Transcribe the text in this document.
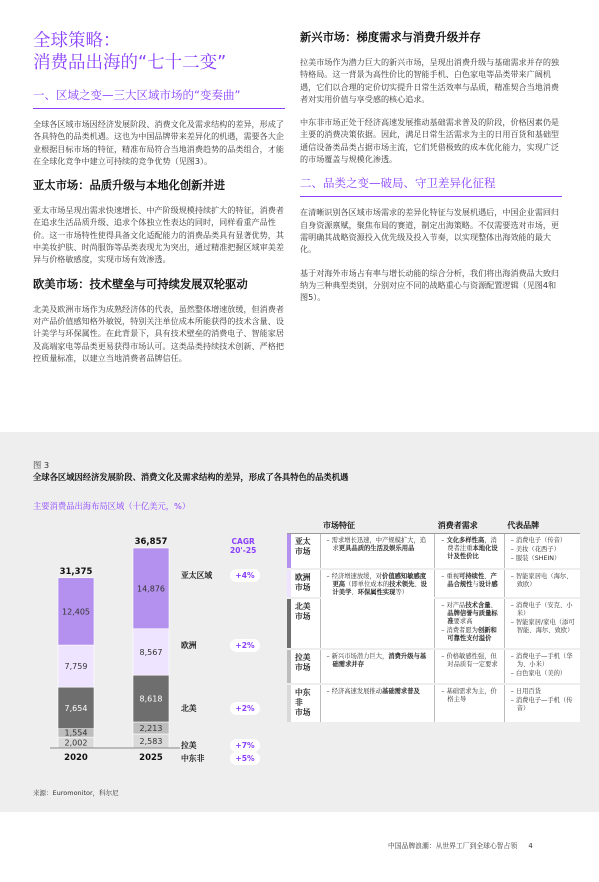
全球策略：
消费品出海的“七十二变”
一、区域之变—三大区域市场的“变奏曲”

全球各区域市场因经济发展阶段、消费文化及需求结构的差异，形成了各具特色的品类机遇。这也为中国品牌带来差异化的机遇，需要各大企业根据目标市场的特征，精准布局符合当地消费趋势的品类组合，才能在全球化竞争中建立可持续的竞争优势（见图3）。

亚太市场：品质升级与本地化创新并进

亚太市场呈现出需求快速增长、中产阶级规模持续扩大的特征，消费者在追求生活品质升级、追求个体独立性表达的同时，同样看重产品性价。这一市场特性使得具备文化适配能力的消费品类具有显著优势，其中美妆护肤、时尚服饰等品类表现尤为突出，通过精准把握区域审美差异与价格敏感度，实现市场有效渗透。

欧美市场：技术壁垒与可持续发展双轮驱动

北美及欧洲市场作为成熟经济体的代表，虽然整体增速放缓，但消费者对产品价值感知格外敏锐，特别关注单位成本所能获得的技术含量、设计美学与环保属性。在此背景下，具有技术壁垒的消费电子、智能家居及高端家电等品类更易获得市场认可。这类品类持续技术创新、严格把控质量标准，以建立当地消费者品牌信任。

新兴市场：梯度需求与消费升级并存

拉美市场作为潜力巨大的新兴市场，呈现出消费升级与基础需求并存的独特格局。这一背景为高性价比的智能手机、白色家电等品类带来广阔机遇，它们以合理的定价切实提升日常生活效率与品质，精准契合当地消费者对实用价值与享受感的核心追求。

中东非市场正处于经济高速发展推动基础需求普及的阶段，价格因素仍是主要的消费决策依据。因此，满足日常生活需求为主的日用百货和基础型通信设备类品类占据市场主流，它们凭借极致的成本优化能力，实现广泛的市场覆盖与规模化渗透。

二、品类之变—破局、守卫差异化征程

在清晰识别各区域市场需求的差异化特征与发展机遇后，中国企业需回归自身资源禀赋，聚焦布局的赛道，制定出海策略。不仅需要选对市场，更需明确其战略资源投入优先级及投入节奏，以实现整体出海效能的最大化。

基于对海外市场占有率与增长动能的综合分析，我们将出海消费品大致归纳为三种典型类别，分别对应不同的战略重心与资源配置逻辑（见图4和图5）。

图 3
全球各区域因经济发展阶段、消费文化及需求结构的差异，形成了各具特色的品类机遇
主要消费品出海布局区域（十亿美元，%）
2,002
1,554
7,654
7,759
12,405
31,375
2020
2,583
2,213
8,618
8,567
14,876
36,857
2025
CAGR
20'-25
中东非	+5%
拉美	+7%
北美	+2%
欧洲	+2%
亚太区域	+4%
	市场特征	消费者需求	代表品牌

亚太
市场	– 需求增长迅速，中产规模扩大，追求更具品质的生活及娱乐用品	– 文化多样性高，消费者注重本地化设计及性价比	– 消费电子（传音）
– 美妆（花西子）
– 服装（SHEIN）

欧洲
市场	– 经济增速放缓，对价值感知敏感度更高（即单位成本的技术领先、设计美学、环保属性实现等）	– 重视可持续性、产品合规性与设计感	– 智能家居电（海尔、致欧）

北美
市场		– 对产品技术含量、品牌信誉与质量标准要求高
– 消费者愿为创新和可靠性支付溢价	– 消费电子（安克、小米）
– 智能家居/家电（添可智能、海尔、致欧）

拉美
市场	– 新兴市场潜力巨大，消费升级与基础需求并存	– 价格敏感性强，但对品质有一定要求	– 消费电子—手机（华为、小米）
– 白色家电（美的）

中东非
市场	– 经济高速发展推动基础需求普及	– 基础需求为主，价格主导	– 日用百货
– 消费电子—手机（传音）
来源：Euromonitor，科尔尼
中国品牌浪潮：从世界工厂到全球心智占领 4
